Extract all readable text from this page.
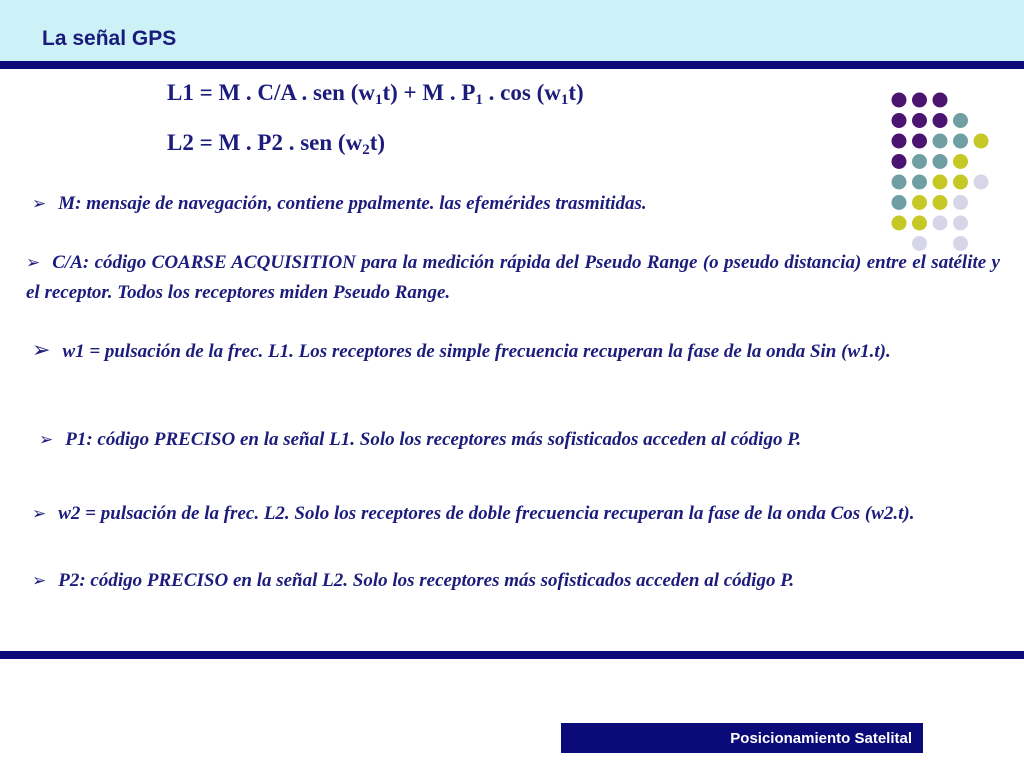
La señal GPS
L1 = M . C/A . sen $(w_1t) + M$ . $P_1$ . $\cos (w_1t)$
L2 = M . P2 . sen $(w_2t)$

➢ M: mensaje de navegación, contiene ppalmente. las efemérides trasmitidas.

➢ C/A: código COARSE ACQUISITION para la medición rápida del Pseudo Range (o pseudo distancia) entre el satélite y el receptor. Todos los receptores miden Pseudo Range.

➢ w1 = pulsación de la frec. L1. Los receptores de simple frecuencia recuperan la fase de la onda Sin (w1.t).

➢ P1: código PRECISO en la señal L1. Solo los receptores más sofisticados acceden al código P.

➢ w2 = pulsación de la frec. L2. Solo los receptores de doble frecuencia recuperan la fase de la onda Cos (w2.t).

➢ P2: código PRECISO en la señal L2. Solo los receptores más sofisticados acceden al código P.

Posicionamiento Satelital
